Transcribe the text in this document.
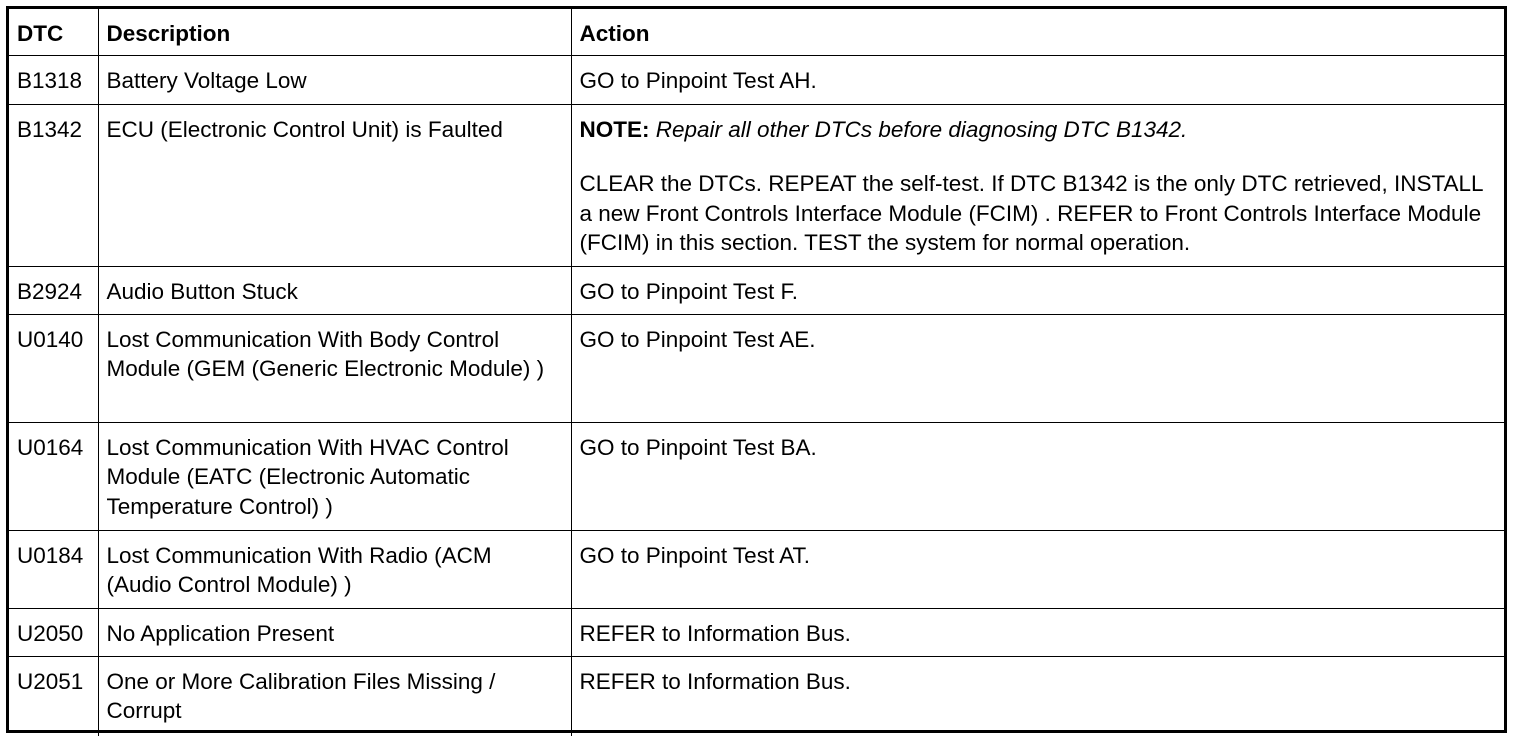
DTC	Description	Action
B1318	Battery Voltage Low	GO to Pinpoint Test AH.
B1342	ECU (Electronic Control Unit) is Faulted	NOTE: Repair all other DTCs before diagnosing DTC B1342.
CLEAR the DTCs. REPEAT the self-test. If DTC B1342 is the only DTC retrieved, INSTALL a new Front Controls Interface Module (FCIM) . REFER to Front Controls Interface Module (FCIM) in this section. TEST the system for normal operation.

B2924	Audio Button Stuck	GO to Pinpoint Test F.
U0140	Lost Communication With Body Control Module (GEM (Generic Electronic Module) )	GO to Pinpoint Test AE.
U0164	Lost Communication With HVAC Control Module (EATC (Electronic Automatic Temperature Control) )	GO to Pinpoint Test BA.
U0184	Lost Communication With Radio (ACM (Audio Control Module) )	GO to Pinpoint Test AT.
U2050	No Application Present	REFER to Information Bus.
U2051	One or More Calibration Files Missing / Corrupt	REFER to Information Bus.
